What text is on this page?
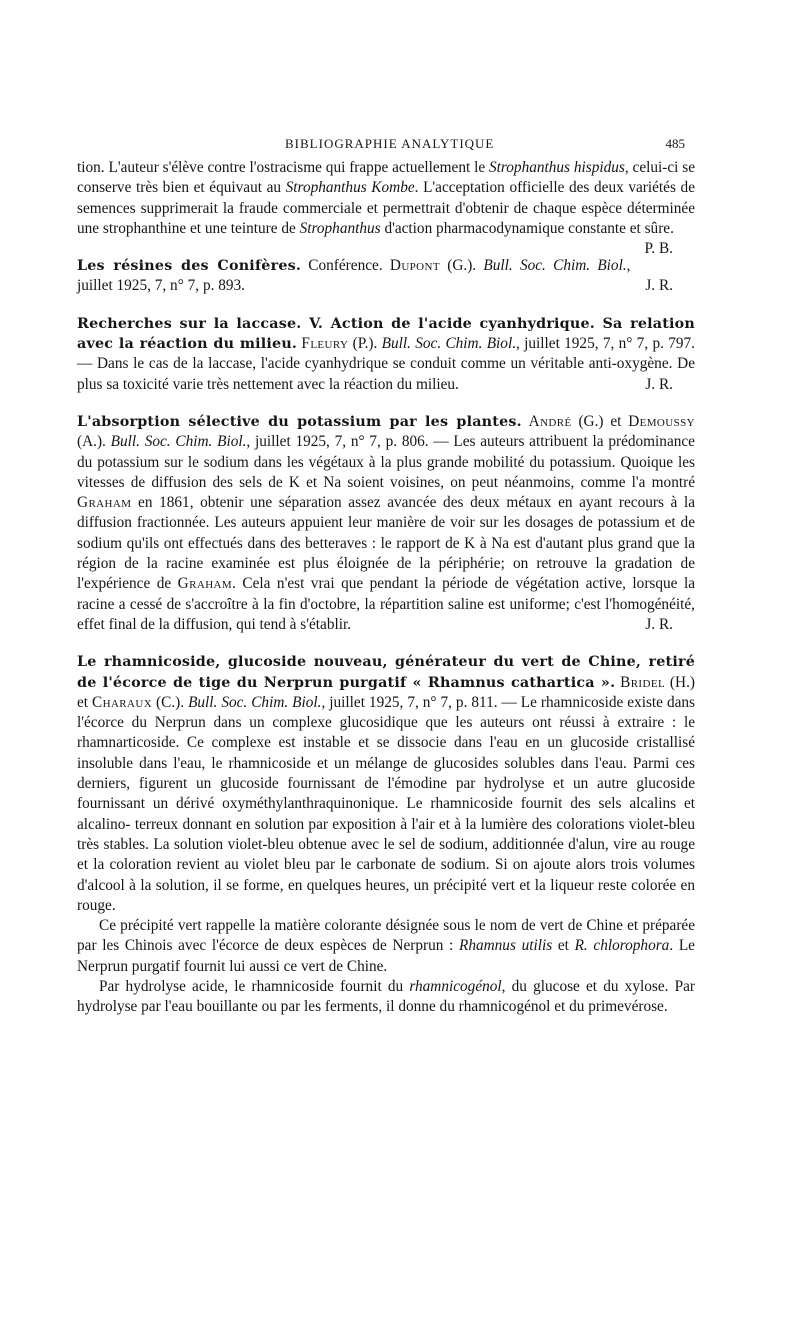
BIBLIOGRAPHIE ANALYTIQUE	485

tion. L'auteur s'élève contre l'ostracisme qui frappe actuellement le Strophanthus hispidus, celui-ci se conserve très bien et équivaut au Strophanthus Kombe. L'acceptation officielle des deux variétés de semences supprimerait la fraude commerciale et permettrait d'obtenir de chaque espèce déterminée une strophanthine et une teinture de Strophanthus d'action pharmacodynamique constante et sûre.
P. B.

Les résines des Conifères. Conférence. Dupont (G.). Bull. Soc. Chim. Biol., juillet 1925, 7, n° 7, p. 893.	J. R.

Recherches sur la laccase. V. Action de l'acide cyanhydrique. Sa relation avec la réaction du milieu. Fleury (P.). Bull. Soc. Chim. Biol., juillet 1925, 7, n° 7, p. 797. — Dans le cas de la laccase, l'acide cyanhydrique se conduit comme un véritable anti-oxygène. De plus sa toxicité varie très nettement avec la réaction du milieu.	J. R.

L'absorption sélective du potassium par les plantes. André (G.) et Demoussy (A.). Bull. Soc. Chim. Biol., juillet 1925, 7, n° 7, p. 806. — Les auteurs attribuent la prédominance du potassium sur le sodium dans les végétaux à la plus grande mobilité du potassium. Quoique les vitesses de diffusion des sels de K et Na soient voisines, on peut néanmoins, comme l'a montré Graham en 1861, obtenir une séparation assez avancée des deux métaux en ayant recours à la diffusion fractionnée. Les auteurs appuient leur manière de voir sur les dosages de potassium et de sodium qu'ils ont effectués dans des betteraves : le rapport de K à Na est d'autant plus grand que la région de la racine examinée est plus éloignée de la périphérie; on retrouve la gradation de l'expérience de Graham. Cela n'est vrai que pendant la période de végétation active, lorsque la racine a cessé de s'accroître à la fin d'octobre, la répartition saline est uniforme; c'est l'homogénéité, effet final de la diffusion, qui tend à s'établir.	J. R.

Le rhamnicoside, glucoside nouveau, générateur du vert de Chine, retiré de l'écorce de tige du Nerprun purgatif « Rhamnus cathartica ». Bridel (H.) et Charaux (C.). Bull. Soc. Chim. Biol., juillet 1925, 7, n° 7, p. 811. — Le rhamnicoside existe dans l'écorce du Nerprun dans un complexe glucosidique que les auteurs ont réussi à extraire : le rhamnarticoside. Ce complexe est instable et se dissocie dans l'eau en un glucoside cristallisé insoluble dans l'eau, le rhamnicoside et un mélange de glucosides solubles dans l'eau. Parmi ces derniers, figurent un glucoside fournissant de l'émodine par hydrolyse et un autre glucoside fournissant un dérivé oxyméthylanthraquinonique. Le rhamnicoside fournit des sels alcalins et alcalino- terreux donnant en solution par exposition à l'air et à la lumière des colorations violet-bleu très stables. La solution violet-bleu obtenue avec le sel de sodium, additionnée d'alun, vire au rouge et la coloration revient au violet bleu par le carbonate de sodium. Si on ajoute alors trois volumes d'alcool à la solution, il se forme, en quelques heures, un précipité vert et la liqueur reste colorée en rouge.

Ce précipité vert rappelle la matière colorante désignée sous le nom de vert de Chine et préparée par les Chinois avec l'écorce de deux espèces de Nerprun : Rhamnus utilis et R. chlorophora. Le Nerprun purgatif fournit lui aussi ce vert de Chine.

Par hydrolyse acide, le rhamnicoside fournit du rhamnicogénol, du glucose et du xylose. Par hydrolyse par l'eau bouillante ou par les ferments, il donne du rhamnicogénol et du primevérose.
